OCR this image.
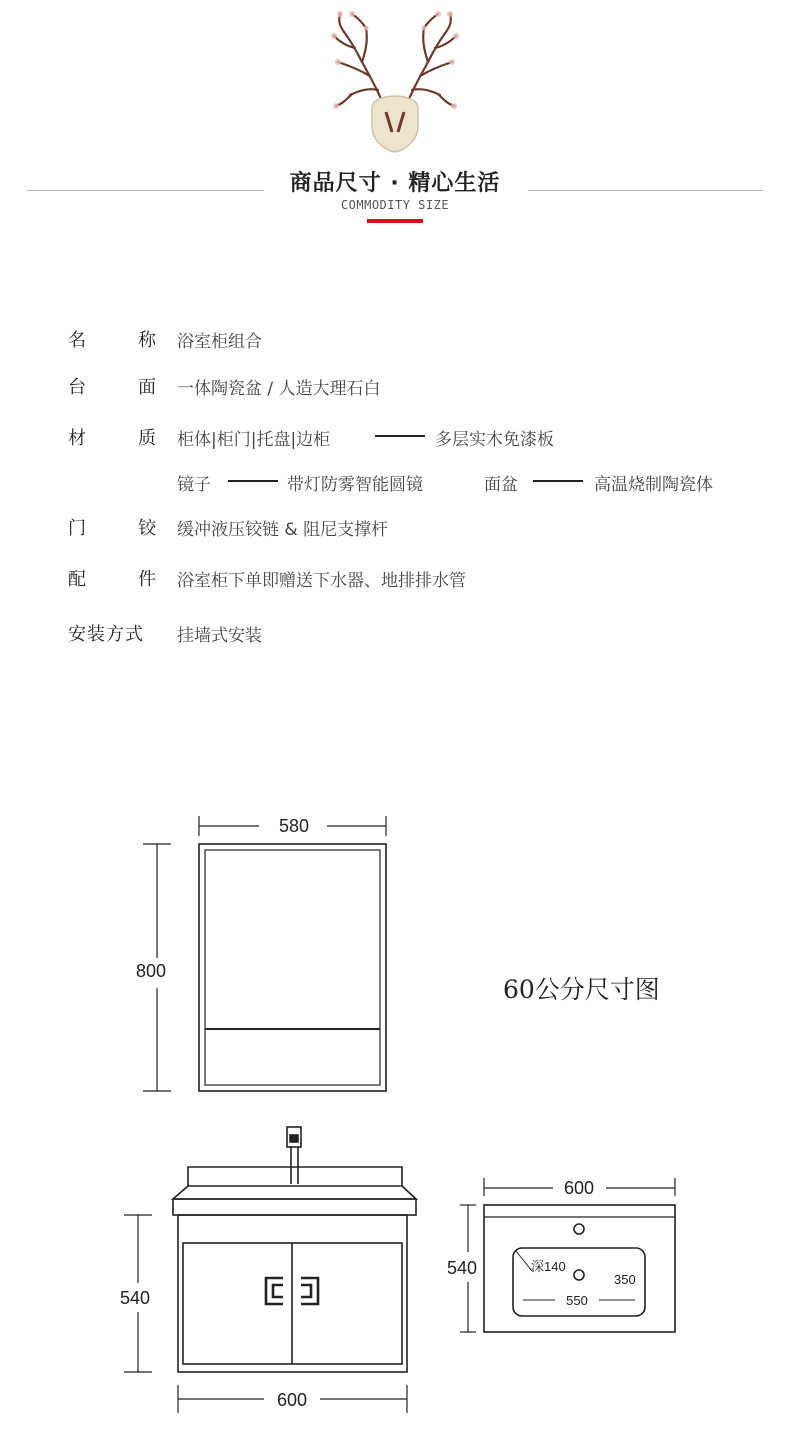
商品尺寸 · 精心生活
COMMODITY SIZE
名	称 浴室柜组合
台	面 一体陶瓷盆 / 人造大理石白
材	质 柜体|柜门|托盘|边柜	多层实木免漆板
镜子	带灯防雾智能圆镜	面盆	高温烧制陶瓷体
门	铰 缓冲液压铰链 & 阻尼支撑杆
配	件 浴室柜下单即赠送下水器、地排排水管
安装方式	挂墙式安装
60公分尺寸图
580
800
540
600
600
540	深140
350
550
